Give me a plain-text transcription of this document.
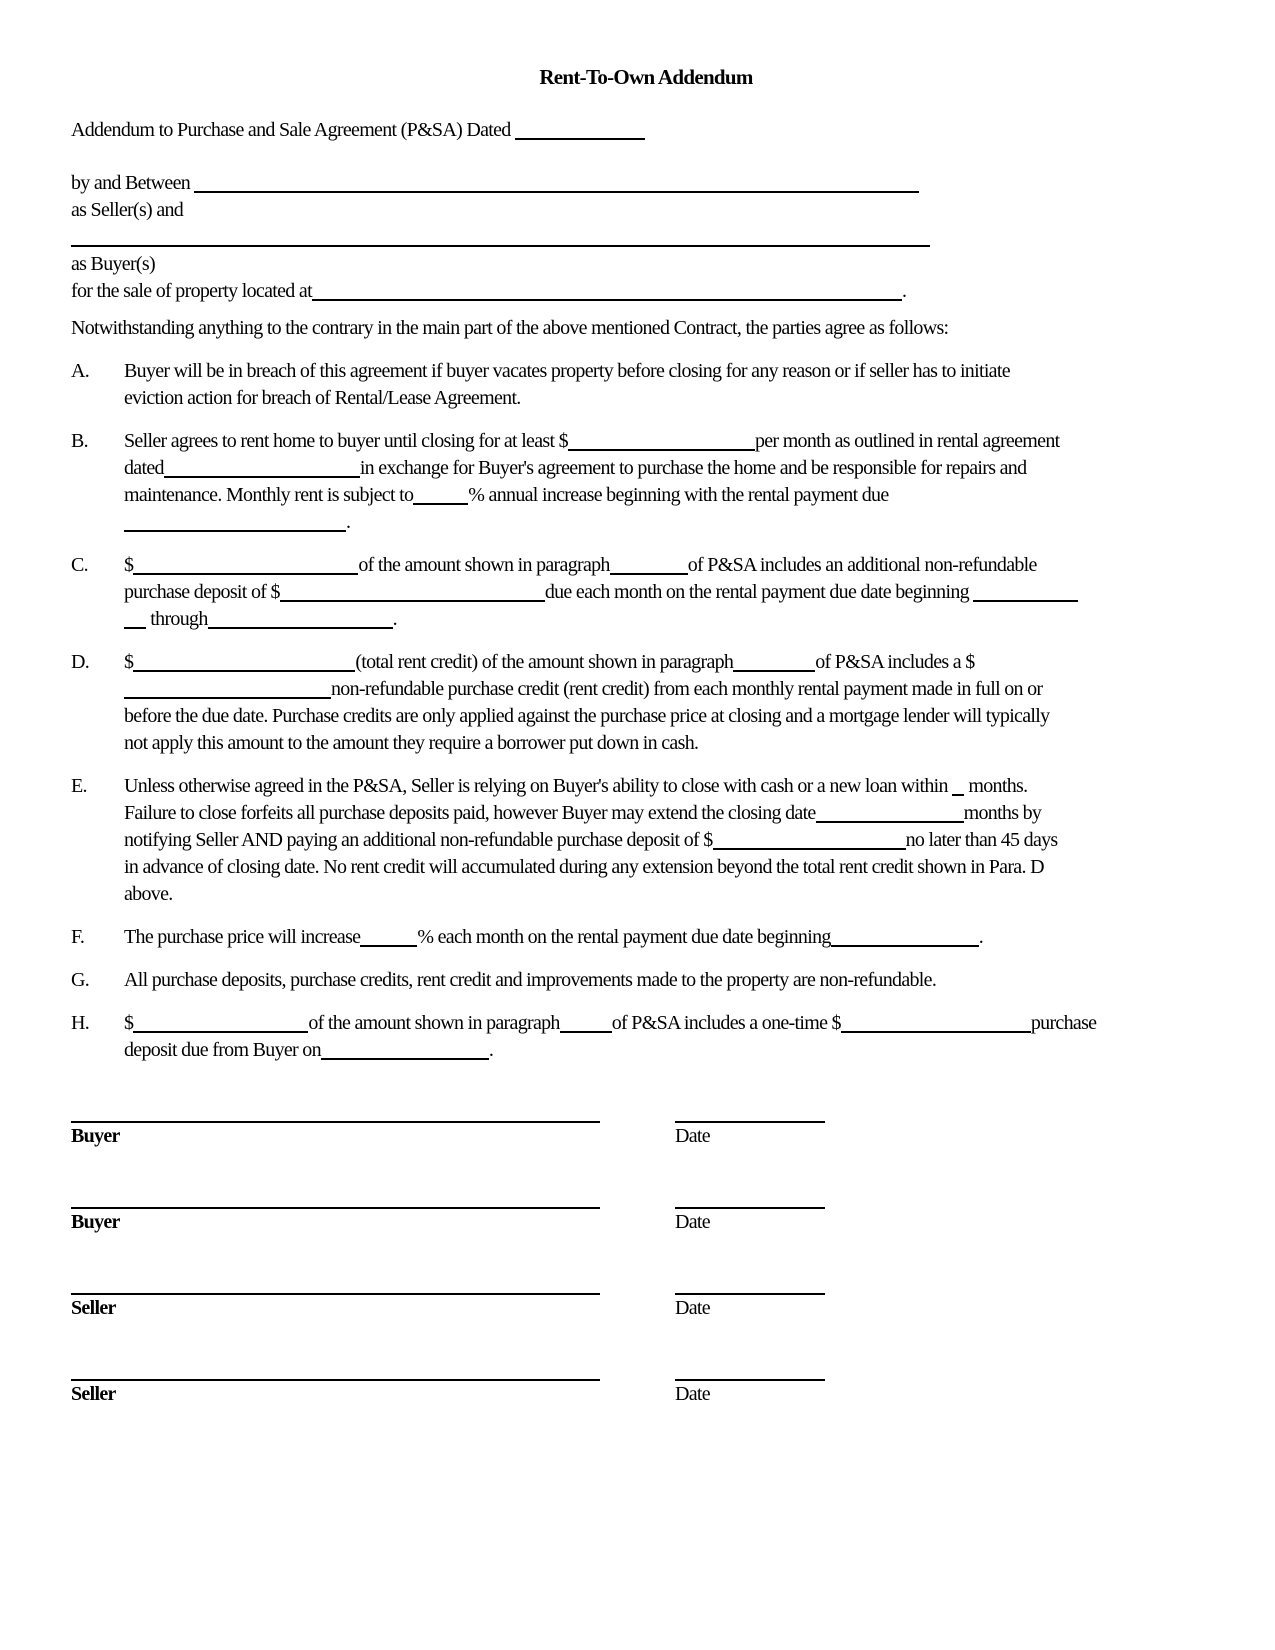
Rent-To-Own Addendum
Addendum to Purchase and Sale Agreement (P&SA) Dated
by and Between
as Seller(s) and
as Buyer(s)
for the sale of property located at	.
Notwithstanding anything to the contrary in the main part of the above mentioned Contract, the parties agree as follows:
A.	Buyer will be in breach of this agreement if buyer vacates property before closing for any reason or if seller has to initiate
eviction action for breach of Rental/Lease Agreement.
B.	Seller agrees to rent home to buyer until closing for at least $	per month as outlined in rental agreement
dated	in exchange for Buyer's agreement to purchase the home and be responsible for repairs and
maintenance. Monthly rent is subject to	% annual increase beginning with the rental payment due
.
C.	$	of the amount shown in paragraph	of P&SA includes an additional non-refundable
purchase deposit of $	due each month on the rental payment due date beginning
through	.
D.	$	(total rent credit) of the amount shown in paragraph	of P&SA includes a $
non-refundable purchase credit (rent credit) from each monthly rental payment made in full on or
before the due date. Purchase credits are only applied against the purchase price at closing and a mortgage lender will typically
not apply this amount to the amount they require a borrower put down in cash.
E.	Unless otherwise agreed in the P&SA, Seller is relying on Buyer's ability to close with cash or a new loan within  months.
Failure to close forfeits all purchase deposits paid, however Buyer may extend the closing date	months by
notifying Seller AND paying an additional non-refundable purchase deposit of $	no later than 45 days
in advance of closing date. No rent credit will accumulated during any extension beyond the total rent credit shown in Para. D
above.
F.	The purchase price will increase	% each month on the rental payment due date beginning	.
G.	All purchase deposits, purchase credits, rent credit and improvements made to the property are non-refundable.
H.	$	of the amount shown in paragraph	of P&SA includes a one-time $	purchase
deposit due from Buyer on	.
Buyer	Date
Buyer	Date
Seller	Date
Seller	Date
